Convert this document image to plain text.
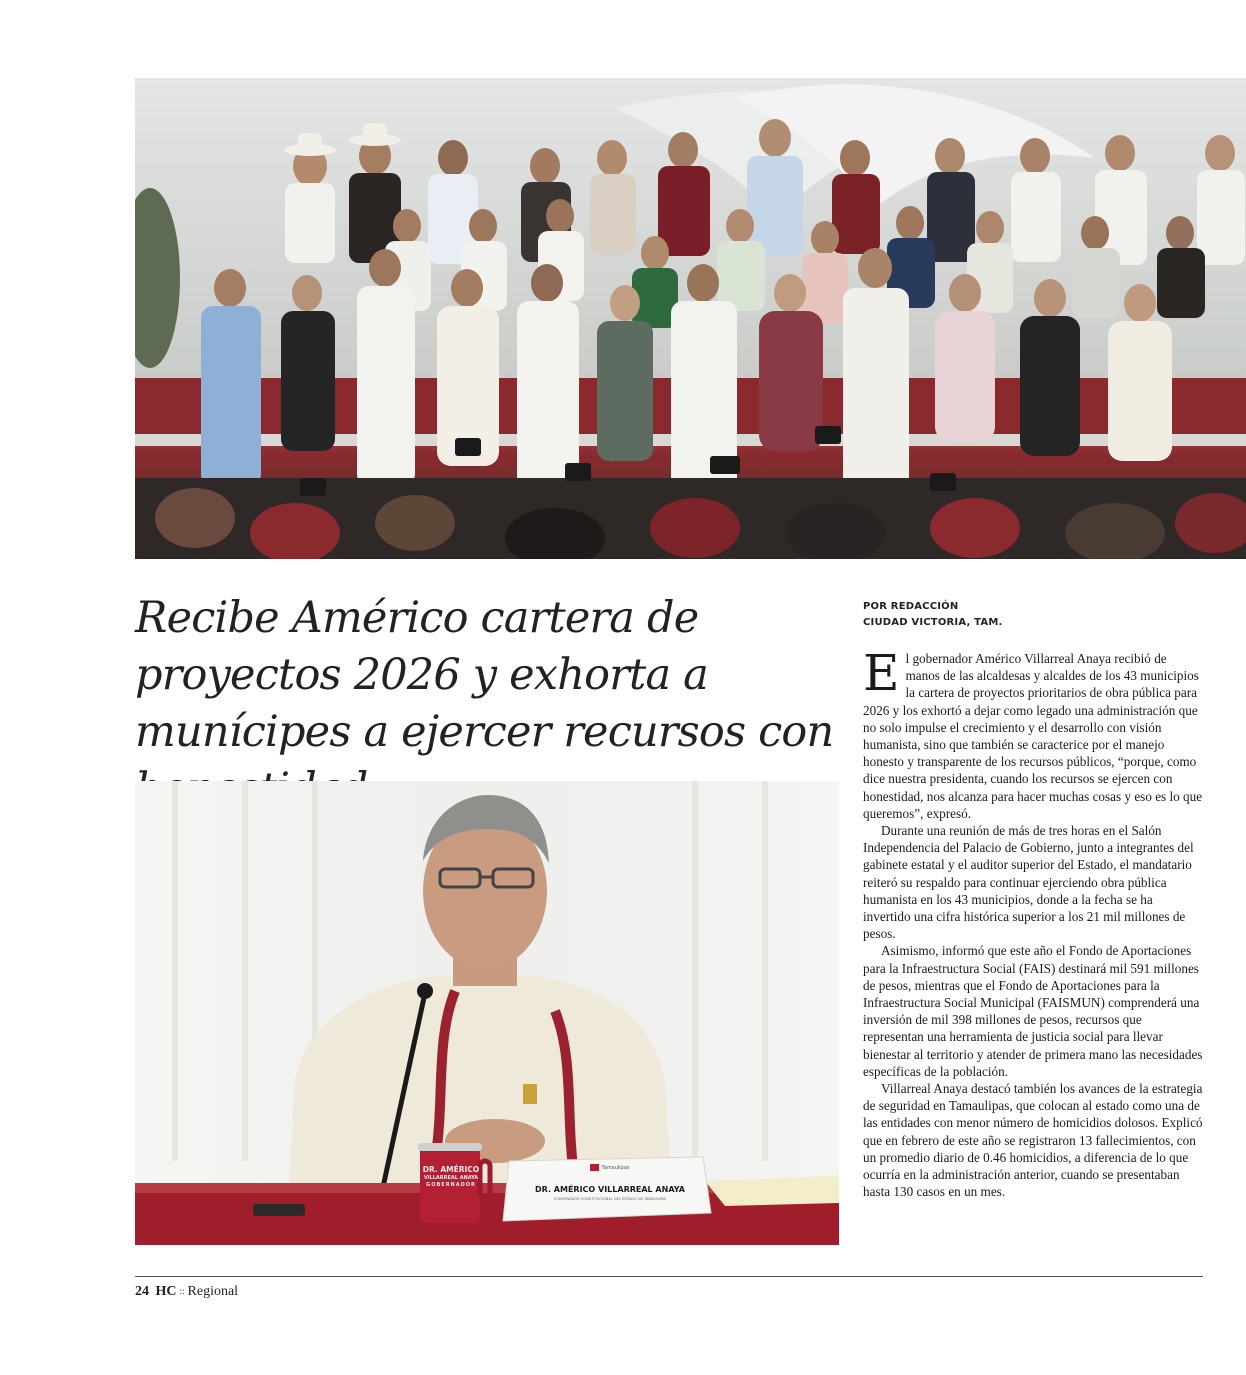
Recibe Américo cartera de proyectos 2026 y exhorta a munícipes a ejercer recursos con
DR. AMÉRICO
VILLARREAL ANAYA
GOBERNADOR
Tamaulipas
DR. AMÉRICO VILLARREAL ANAYA
GOBERNADOR CONSTITUCIONAL DEL ESTADO DE TAMAULIPAS
POR REDACCIÓN
CIUDAD VICTORIA, TAM.

El gobernador Américo Villarreal Anaya recibió de manos de las alcaldesas y alcaldes de los 43 municipios la cartera de proyectos prioritarios de obra pública para 2026 y los exhortó a dejar como legado una administración que no solo impulse el crecimiento y el desarrollo con visión humanista, sino que también se caracterice por el manejo honesto y transparente de los recursos públicos, “porque, como dice nuestra presidenta, cuando los recursos se ejercen con honestidad, nos alcanza para hacer muchas cosas y eso es lo que queremos”, expresó.

Durante una reunión de más de tres horas en el Salón Independencia del Palacio de Gobierno, junto a integrantes del gabinete estatal y el auditor superior del Estado, el mandatario reiteró su respaldo para continuar ejerciendo obra pública humanista en los 43 municipios, donde a la fecha se ha invertido una cifra histórica superior a los 21 mil millones de pesos.

Asimismo, informó que este año el Fondo de Aportaciones para la Infraestructura Social (FAIS) destinará mil 591 millones de pesos, mientras que el Fondo de Aportaciones para la Infraestructura Social Municipal (FAISMUN) comprenderá una inversión de mil 398 millones de pesos, recursos que representan una herramienta de justicia social para llevar bienestar al territorio y atender de primera mano las necesidades específicas de la población.

Villarreal Anaya destacó también los avances de la estrategia de seguridad en Tamaulipas, que colocan al estado como una de las entidades con menor número de homicidios dolosos. Explicó que en febrero de este año se registraron 13 fallecimientos, con un promedio diario de 0.46 homicidios, a diferencia de lo que ocurría en la administración anterior, cuando se presentaban hasta 130 casos en un mes.

24 HC :: Regional
